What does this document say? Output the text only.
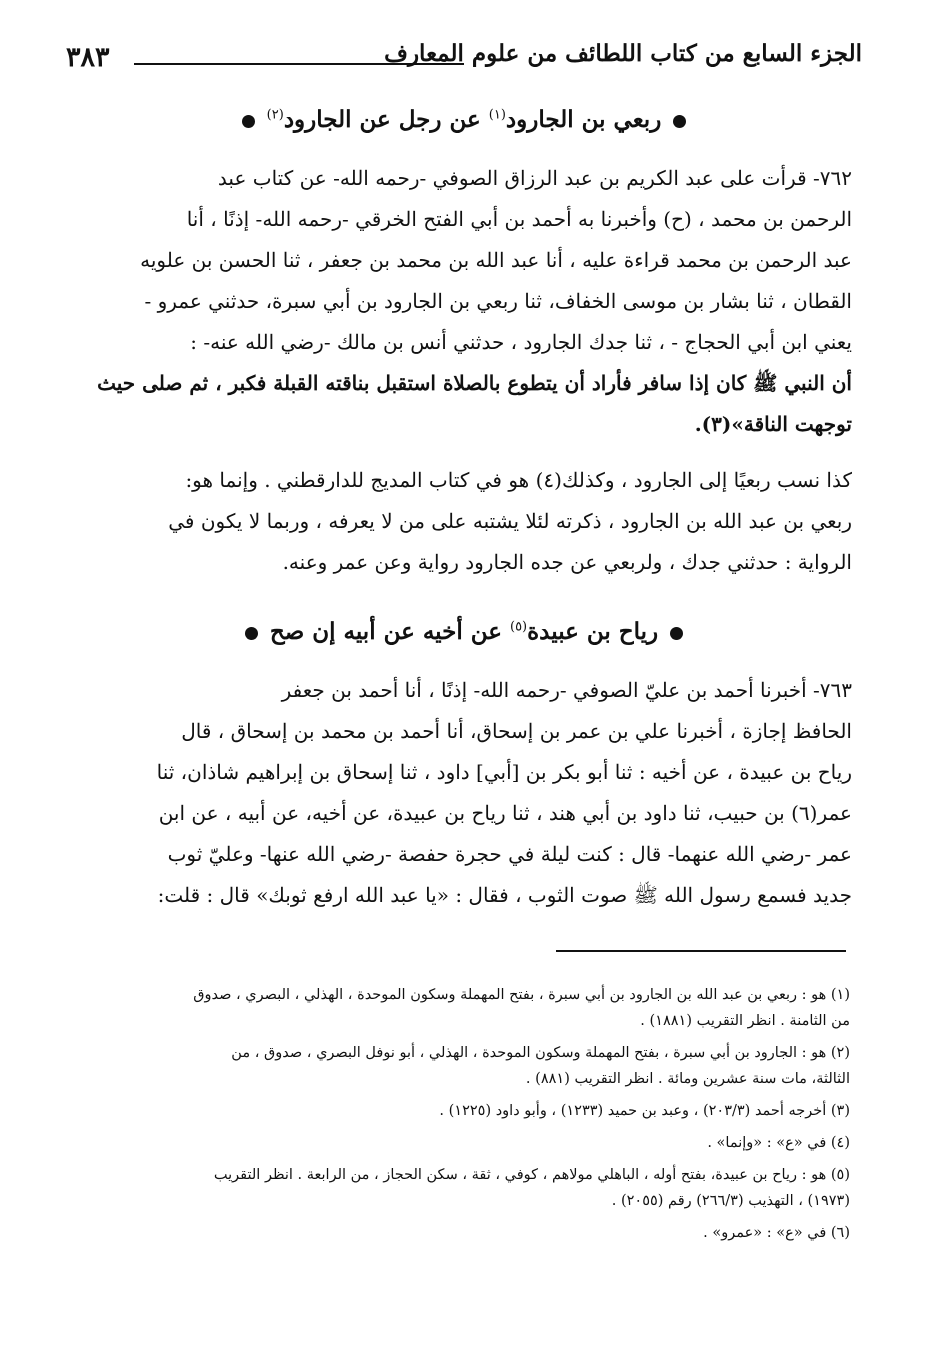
٣٨٣	الجزء السابع من كتاب اللطائف من علوم المعارف
ربعي بن الجارود$^{(١)}$ عن رجل عن الجارود$^{(٢)}$
٧٦٢- قرأت على عبد الكريم بن عبد الرزاق الصوفي -رحمه الله- عن كتاب عبد
الرحمن بن محمد ، (ح) وأخبرنا به أحمد بن أبي الفتح الخرقي -رحمه الله- إذنًا ، أنا
عبد الرحمن بن محمد قراءة عليه ، أنا عبد الله بن محمد بن جعفر ، ثنا الحسن بن علويه
القطان ، ثنا بشار بن موسى الخفاف، ثنا ربعي بن الجارود بن أبي سبرة، حدثني عمرو -
يعني ابن أبي الحجاج - ، ثنا جدك الجارود ، حدثني أنس بن مالك -رضي الله عنه- :
أن النبي ﷺ كان إذا سافر فأراد أن يتطوع بالصلاة استقبل بناقته القبلة فكبر ، ثم صلى حيث
توجهت الناقة»(٣).
كذا نسب ربعيًا إلى الجارود ، وكذلك(٤) هو في كتاب المديج للدارقطني . وإنما هو:
ربعي بن عبد الله بن الجارود ، ذكرته لئلا يشتبه على من لا يعرفه ، وربما لا يكون في
الرواية : حدثني جدك ، ولربعي عن جده الجارود رواية وعن عمر وعنه.
رياح بن عبيدة$^{(٥)}$ عن أخيه عن أبيه إن صح
٧٦٣- أخبرنا أحمد بن عليّ الصوفي -رحمه الله- إذنًا ، أنا أحمد بن جعفر
الحافظ إجازة ، أخبرنا علي بن عمر بن إسحاق، أنا أحمد بن محمد بن إسحاق ، قال
رياح بن عبيدة ، عن أخيه : ثنا أبو بكر بن [أبي] داود ، ثنا إسحاق بن إبراهيم شاذان، ثنا
عمر(٦) بن حبيب، ثنا داود بن أبي هند ، ثنا رياح بن عبيدة، عن أخيه، عن أبيه ، عن ابن
عمر -رضي الله عنهما- قال : كنت ليلة في حجرة حفصة -رضي الله عنها- وعليّ ثوب
جديد فسمع رسول الله ﷺ صوت الثوب ، فقال : «يا عبد الله ارفع ثوبك» قال : قلت:
(١) هو : ربعي بن عبد الله بن الجارود بن أبي سبرة ، بفتح المهملة وسكون الموحدة ، الهذلي ، البصري ، صدوق
من الثامنة . انظر التقريب (١٨٨١) .
(٢) هو : الجارود بن أبي سبرة ، بفتح المهملة وسكون الموحدة ، الهذلي ، أبو نوفل البصري ، صدوق ، من
الثالثة، مات سنة عشرين ومائة . انظر التقريب (٨٨١) .
(٣) أخرجه أحمد (٢٠٣/٣) ، وعبد بن حميد (١٢٣٣) ، وأبو داود (١٢٢٥) .
(٤) في «ع» : «وإنما» .
(٥) هو : رياح بن عبيدة، بفتح أوله ، الباهلي مولاهم ، كوفي ، ثقة ، سكن الحجاز ، من الرابعة . انظر التقريب
(١٩٧٣) ، التهذيب (٢٦٦/٣) رقم (٢٠٥٥) .
(٦) في «ع» : «عمرو» .
